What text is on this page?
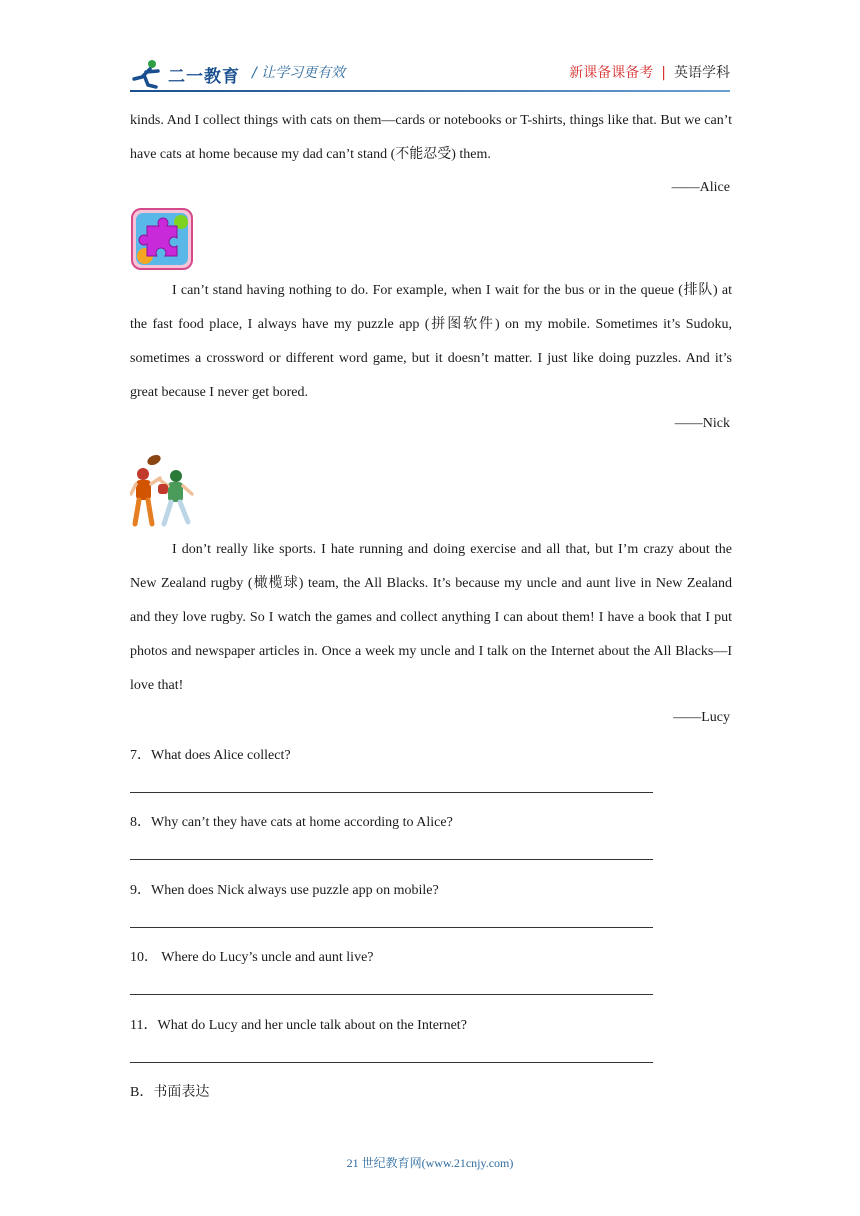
二一教育 / 让学习更有效	新课备课备考 | 英语学科
kinds. And I collect things with cats on them—cards or notebooks or T-shirts, things like that. But we can’t have cats at home because my dad can’t stand (不能忍受) them.
——Alice
I can’t stand having nothing to do. For example, when I wait for the bus or in the queue (排队) at the fast food place, I always have my puzzle app (拼图软件) on my mobile. Sometimes it’s Sudoku, sometimes a crossword or different word game, but it doesn’t matter. I just like doing puzzles. And it’s great because I never get bored.
——Nick
I don’t really like sports. I hate running and doing exercise and all that, but I’m crazy about the New Zealand rugby (橄榄球) team, the All Blacks. It’s because my uncle and aunt live in New Zealand and they love rugby. So I watch the games and collect anything I can about them! I have a book that I put photos and newspaper articles in. Once a week my uncle and I talk on the Internet about the All Blacks—I love that!
——Lucy
7．What does Alice collect?
8．Why can’t they have cats at home according to Alice?
9．When does Nick always use puzzle app on mobile?
10． Where do Lucy’s uncle and aunt live?
11．What do Lucy and her uncle talk about on the Internet?
B．书面表达
21 世纪教育网(www.21cnjy.com)
